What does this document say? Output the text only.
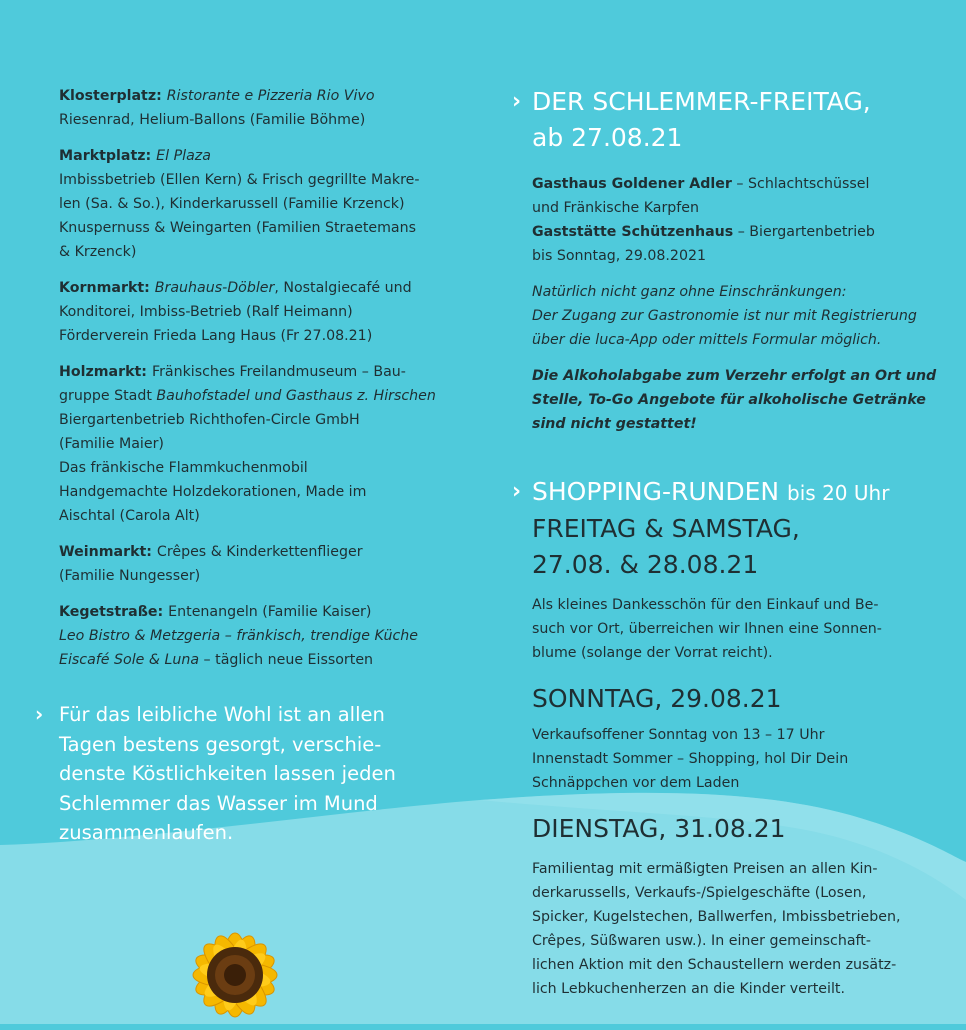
Klosterplatz: Ristorante e Pizzeria Rio Vivo
Riesenrad, Helium-Ballons (Familie Böhme)
Marktplatz: El Plaza
Imbissbetrieb (Ellen Kern) & Frisch gegrillte Makre-
len (Sa. & So.), Kinderkarussell (Familie Krzenck)
Knuspernuss & Weingarten (Familien Straetemans
& Krzenck)
Kornmarkt: Brauhaus-Döbler, Nostalgiecafé und
Konditorei, Imbiss-Betrieb (Ralf Heimann)
Förderverein Frieda Lang Haus (Fr 27.08.21)
Holzmarkt: Fränkisches Freilandmuseum – Bau-
gruppe Stadt Bauhofstadel und Gasthaus z. Hirschen
Biergartenbetrieb Richthofen-Circle GmbH
(Familie Maier)
Das fränkische Flammkuchenmobil
Handgemachte Holzdekorationen, Made im
Aischtal (Carola Alt)
Weinmarkt: Crêpes & Kinderkettenflieger
(Familie Nungesser)
Kegetstraße: Entenangeln (Familie Kaiser)
Leo Bistro & Metzgeria – fränkisch, trendige Küche
Eiscafé Sole & Luna – täglich neue Eissorten
› Für das leibliche Wohl ist an allen
Tagen bestens gesorgt, verschie-
denste Köstlichkeiten lassen jeden
Schlemmer das Wasser im Mund
zusammenlaufen.
› DER SCHLEMMER-FREITAG,
ab 27.08.21
Gasthaus Goldener Adler – Schlachtschüssel
und Fränkische Karpfen
Gaststätte Schützenhaus – Biergartenbetrieb
bis Sonntag, 29.08.2021
Natürlich nicht ganz ohne Einschränkungen:
Der Zugang zur Gastronomie ist nur mit Registrierung
über die luca-App oder mittels Formular möglich.
Die Alkoholabgabe zum Verzehr erfolgt an Ort und
Stelle, To-Go Angebote für alkoholische Getränke
sind nicht gestattet!
› SHOPPING-RUNDEN bis 20 Uhr
FREITAG & SAMSTAG,
27.08. & 28.08.21
Als kleines Dankesschön für den Einkauf und Be-
such vor Ort, überreichen wir Ihnen eine Sonnen-
blume (solange der Vorrat reicht).
SONNTAG, 29.08.21
Verkaufsoffener Sonntag von 13 – 17 Uhr
Innenstadt Sommer – Shopping, hol Dir Dein
Schnäppchen vor dem Laden
DIENSTAG, 31.08.21
Familientag mit ermäßigten Preisen an allen Kin-
derkarussells, Verkaufs-/Spielgeschäfte (Losen,
Spicker, Kugelstechen, Ballwerfen, Imbissbetrieben,
Crêpes, Süßwaren usw.). In einer gemeinschaft-
lichen Aktion mit den Schaustellern werden zusätz-
lich Lebkuchenherzen an die Kinder verteilt.
